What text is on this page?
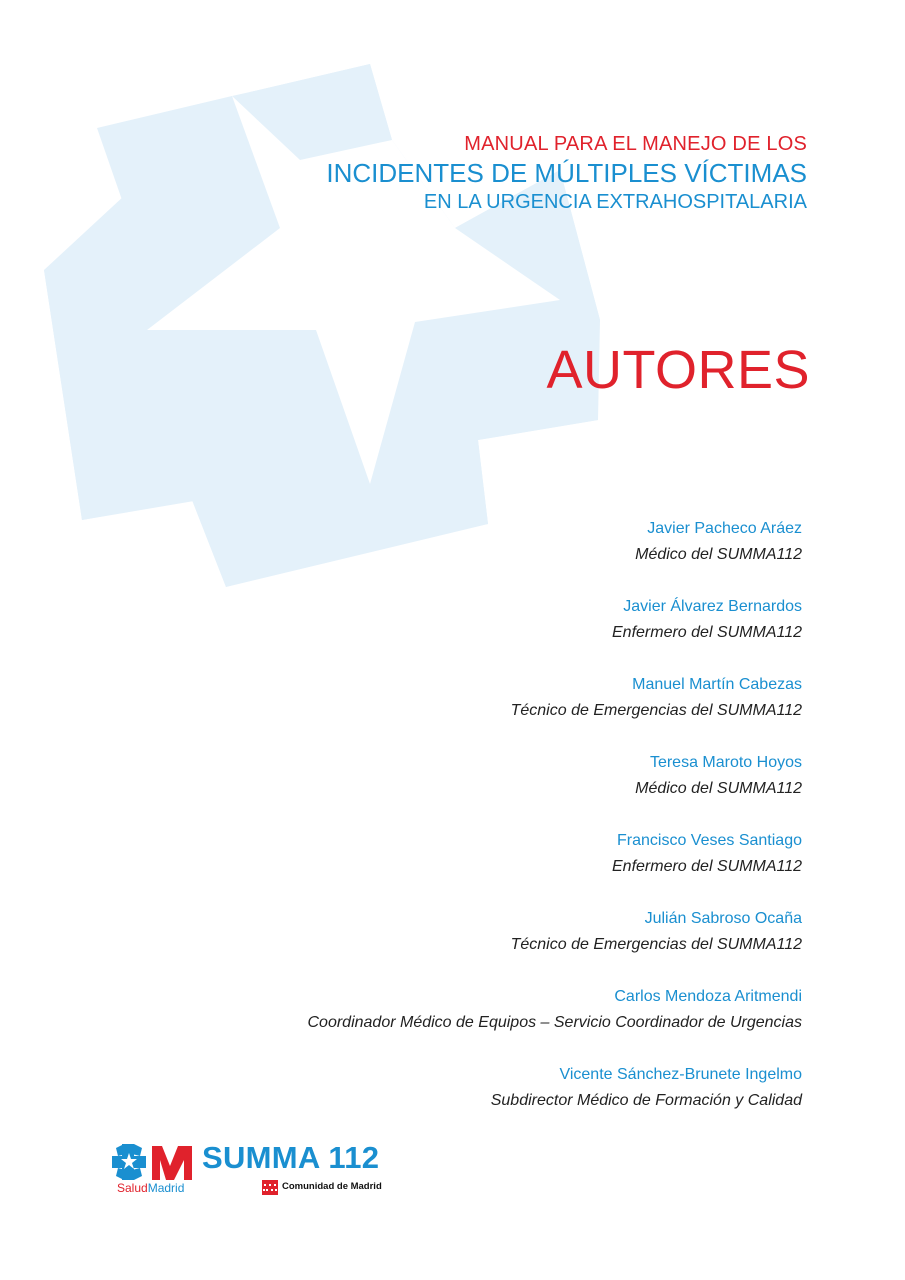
MANUAL PARA EL MANEJO DE LOS
INCIDENTES DE MÚLTIPLES VÍCTIMAS
EN LA URGENCIA EXTRAHOSPITALARIA
AUTORES
Javier Pacheco Aráez
Médico del SUMMA112
Javier Álvarez Bernardos
Enfermero del SUMMA112
Manuel Martín Cabezas
Técnico de Emergencias del SUMMA112
Teresa Maroto Hoyos
Médico del SUMMA112
Francisco Veses Santiago
Enfermero del SUMMA112
Julián Sabroso Ocaña
Técnico de Emergencias del SUMMA112
Carlos Mendoza Aritmendi
Coordinador Médico de Equipos – Servicio Coordinador de Urgencias
Vicente Sánchez-Brunete Ingelmo
Subdirector Médico de Formación y Calidad
SaludMadrid
SUMMA 112
Comunidad de Madrid
